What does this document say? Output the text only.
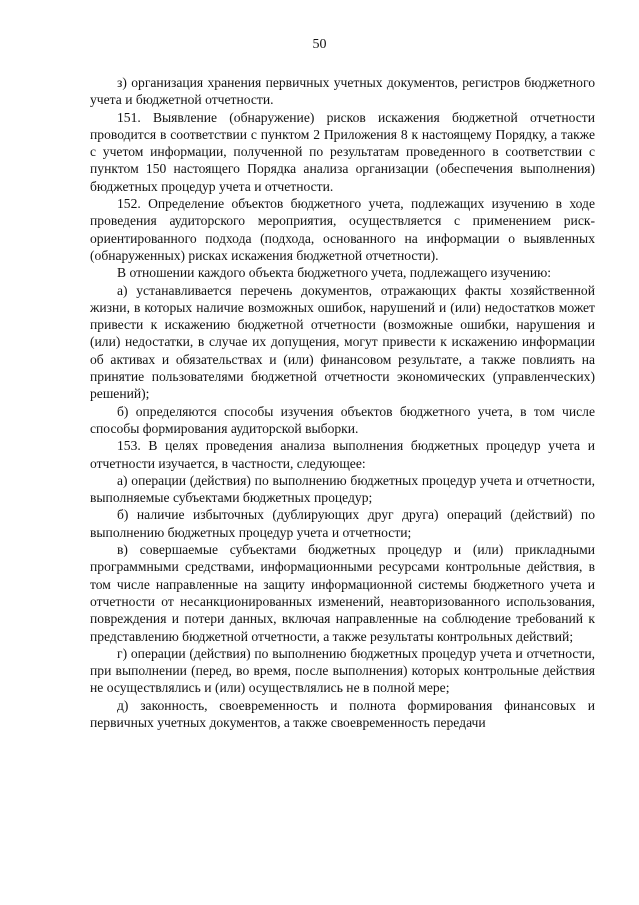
50

з) организация хранения первичных учетных документов, регистров бюджетного учета и бюджетной отчетности.

151. Выявление (обнаружение) рисков искажения бюджетной отчетности проводится в соответствии с пунктом 2 Приложения 8 к настоящему Порядку, а также с учетом информации, полученной по результатам проведенного в соответствии с пунктом 150 настоящего Порядка анализа организации (обеспечения выполнения) бюджетных процедур учета и отчетности.

152. Определение объектов бюджетного учета, подлежащих изучению в ходе проведения аудиторского мероприятия, осуществляется с применением риск-ориентированного подхода (подхода, основанного на информации о выявленных (обнаруженных) рисках искажения бюджетной отчетности).

В отношении каждого объекта бюджетного учета, подлежащего изучению:

а) устанавливается перечень документов, отражающих факты хозяйственной жизни, в которых наличие возможных ошибок, нарушений и (или) недостатков может привести к искажению бюджетной отчетности (возможные ошибки, нарушения и (или) недостатки, в случае их допущения, могут привести к искажению информации об активах и обязательствах и (или) финансовом результате, а также повлиять на принятие пользователями бюджетной отчетности экономических (управленческих) решений);

б) определяются способы изучения объектов бюджетного учета, в том числе способы формирования аудиторской выборки.

153. В целях проведения анализа выполнения бюджетных процедур учета и отчетности изучается, в частности, следующее:

а) операции (действия) по выполнению бюджетных процедур учета и отчетности, выполняемые субъектами бюджетных процедур;

б) наличие избыточных (дублирующих друг друга) операций (действий) по выполнению бюджетных процедур учета и отчетности;

в) совершаемые субъектами бюджетных процедур и (или) прикладными программными средствами, информационными ресурсами контрольные действия, в том числе направленные на защиту информационной системы бюджетного учета и отчетности от несанкционированных изменений, неавторизованного использования, повреждения и потери данных, включая направленные на соблюдение требований к представлению бюджетной отчетности, а также результаты контрольных действий;

г) операции (действия) по выполнению бюджетных процедур учета и отчетности, при выполнении (перед, во время, после выполнения) которых контрольные действия не осуществлялись и (или) осуществлялись не в полной мере;

д) законность, своевременность и полнота формирования финансовых и первичных учетных документов, а также своевременность передачи
